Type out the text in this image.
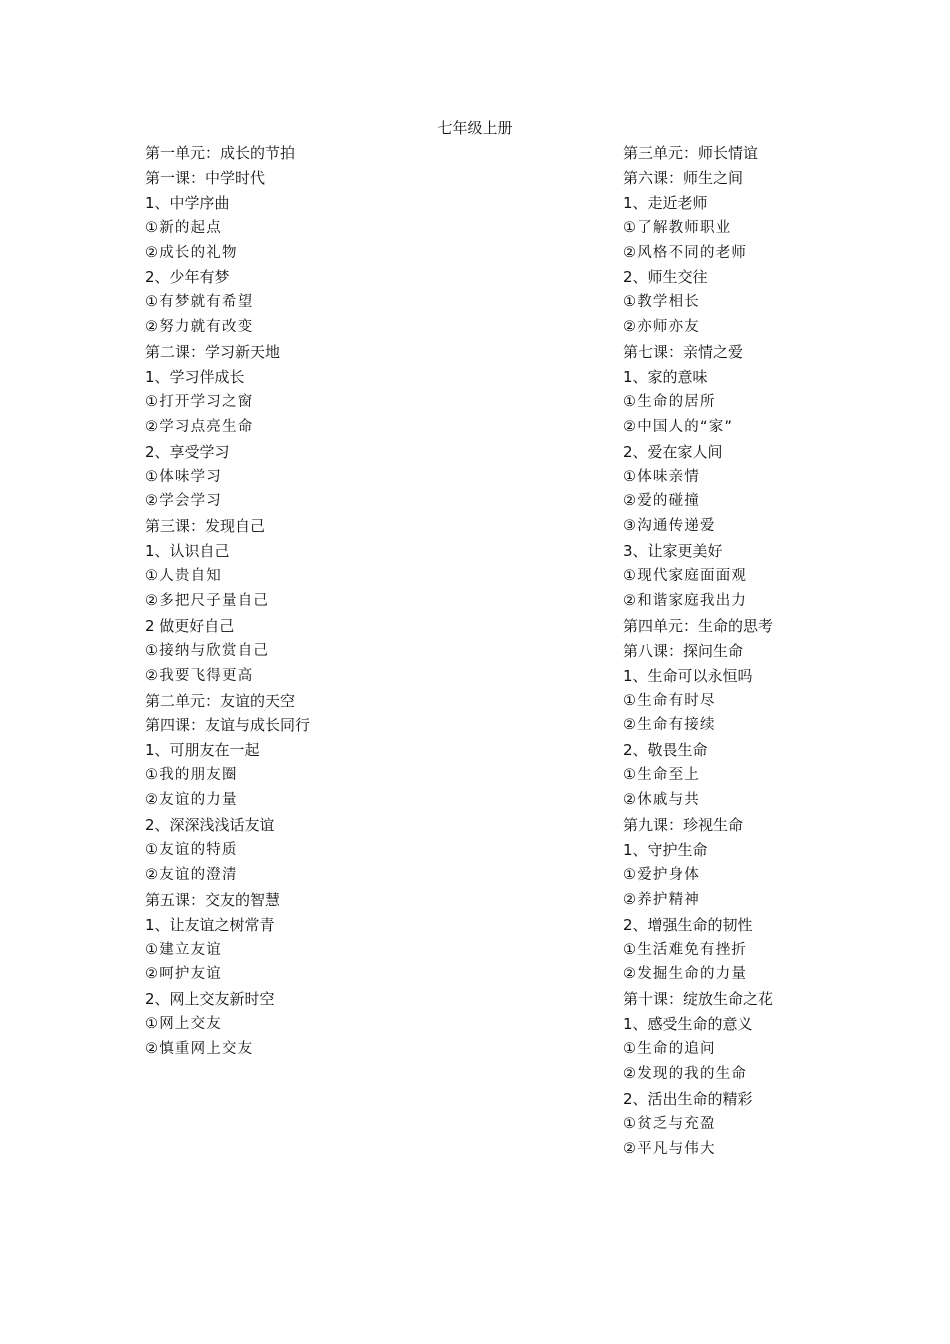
七年级上册
第一单元：成长的节拍
第一课：中学时代
1、中学序曲
①新的起点
②成长的礼物
2、少年有梦
①有梦就有希望
②努力就有改变
第二课：学习新天地
1、学习伴成长
①打开学习之窗
②学习点亮生命
2、享受学习
①体味学习
②学会学习
第三课：发现自己
1、认识自己
①人贵自知
②多把尺子量自己
2 做更好自己
①接纳与欣赏自己
②我要飞得更高
第二单元：友谊的天空
第四课：友谊与成长同行
1、可朋友在一起
①我的朋友圈
②友谊的力量
2、深深浅浅话友谊
①友谊的特质
②友谊的澄清
第五课：交友的智慧
1、让友谊之树常青
①建立友谊
②呵护友谊
2、网上交友新时空
①网上交友
②慎重网上交友
第三单元：师长情谊
第六课：师生之间
1、走近老师
①了解教师职业
②风格不同的老师
2、师生交往
①教学相长
②亦师亦友
第七课：亲情之爱
1、家的意味
①生命的居所
②中国人的“家”
2、爱在家人间
①体味亲情
②爱的碰撞
③沟通传递爱
3、让家更美好
①现代家庭面面观
②和谐家庭我出力
第四单元：生命的思考
第八课：探问生命
1、生命可以永恒吗
①生命有时尽
②生命有接续
2、敬畏生命
①生命至上
②休戚与共
第九课：珍视生命
1、守护生命
①爱护身体
②养护精神
2、增强生命的韧性
①生活难免有挫折
②发掘生命的力量
第十课：绽放生命之花
1、感受生命的意义
①生命的追问
②发现的我的生命
2、活出生命的精彩
①贫乏与充盈
②平凡与伟大
